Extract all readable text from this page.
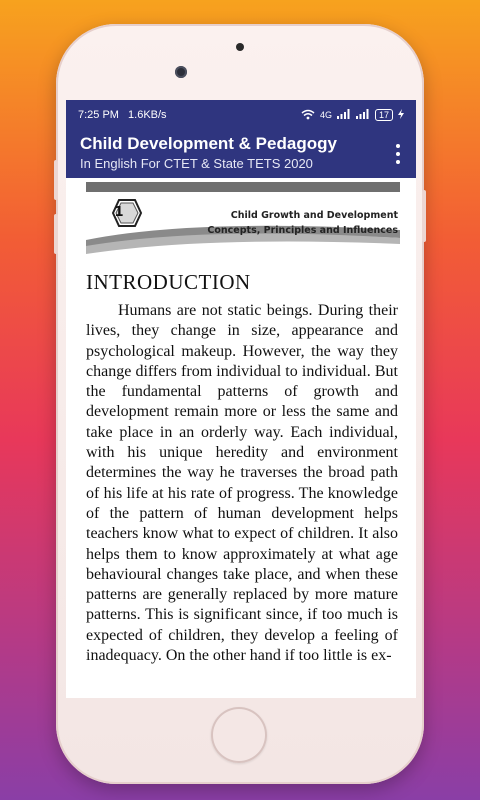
7:25 PM 1.6KB/s	4G	17
Child Development & Pedagogy
In English For CTET & State TETS 2020
1	Child Growth and Development
Concepts, Principles and Influences
INTRODUCTION
Humans are not static beings. During their lives, they change in size, appearance and psychological makeup. However, the way they change differs from individual to individual. But the fundamental patterns of growth and development remain more or less the same and take place in an orderly way. Each individual, with his unique heredity and environment determines the way he traverses the broad path of his life at his rate of progress. The knowledge of the pattern of human development helps teachers know what to expect of children. It also helps them to know approximately at what age behavioural changes take place, and when these patterns are generally replaced by more mature patterns. This is significant since, if too much is expected of children, they develop a feeling of inadequacy. On the other hand if too little is ex-
